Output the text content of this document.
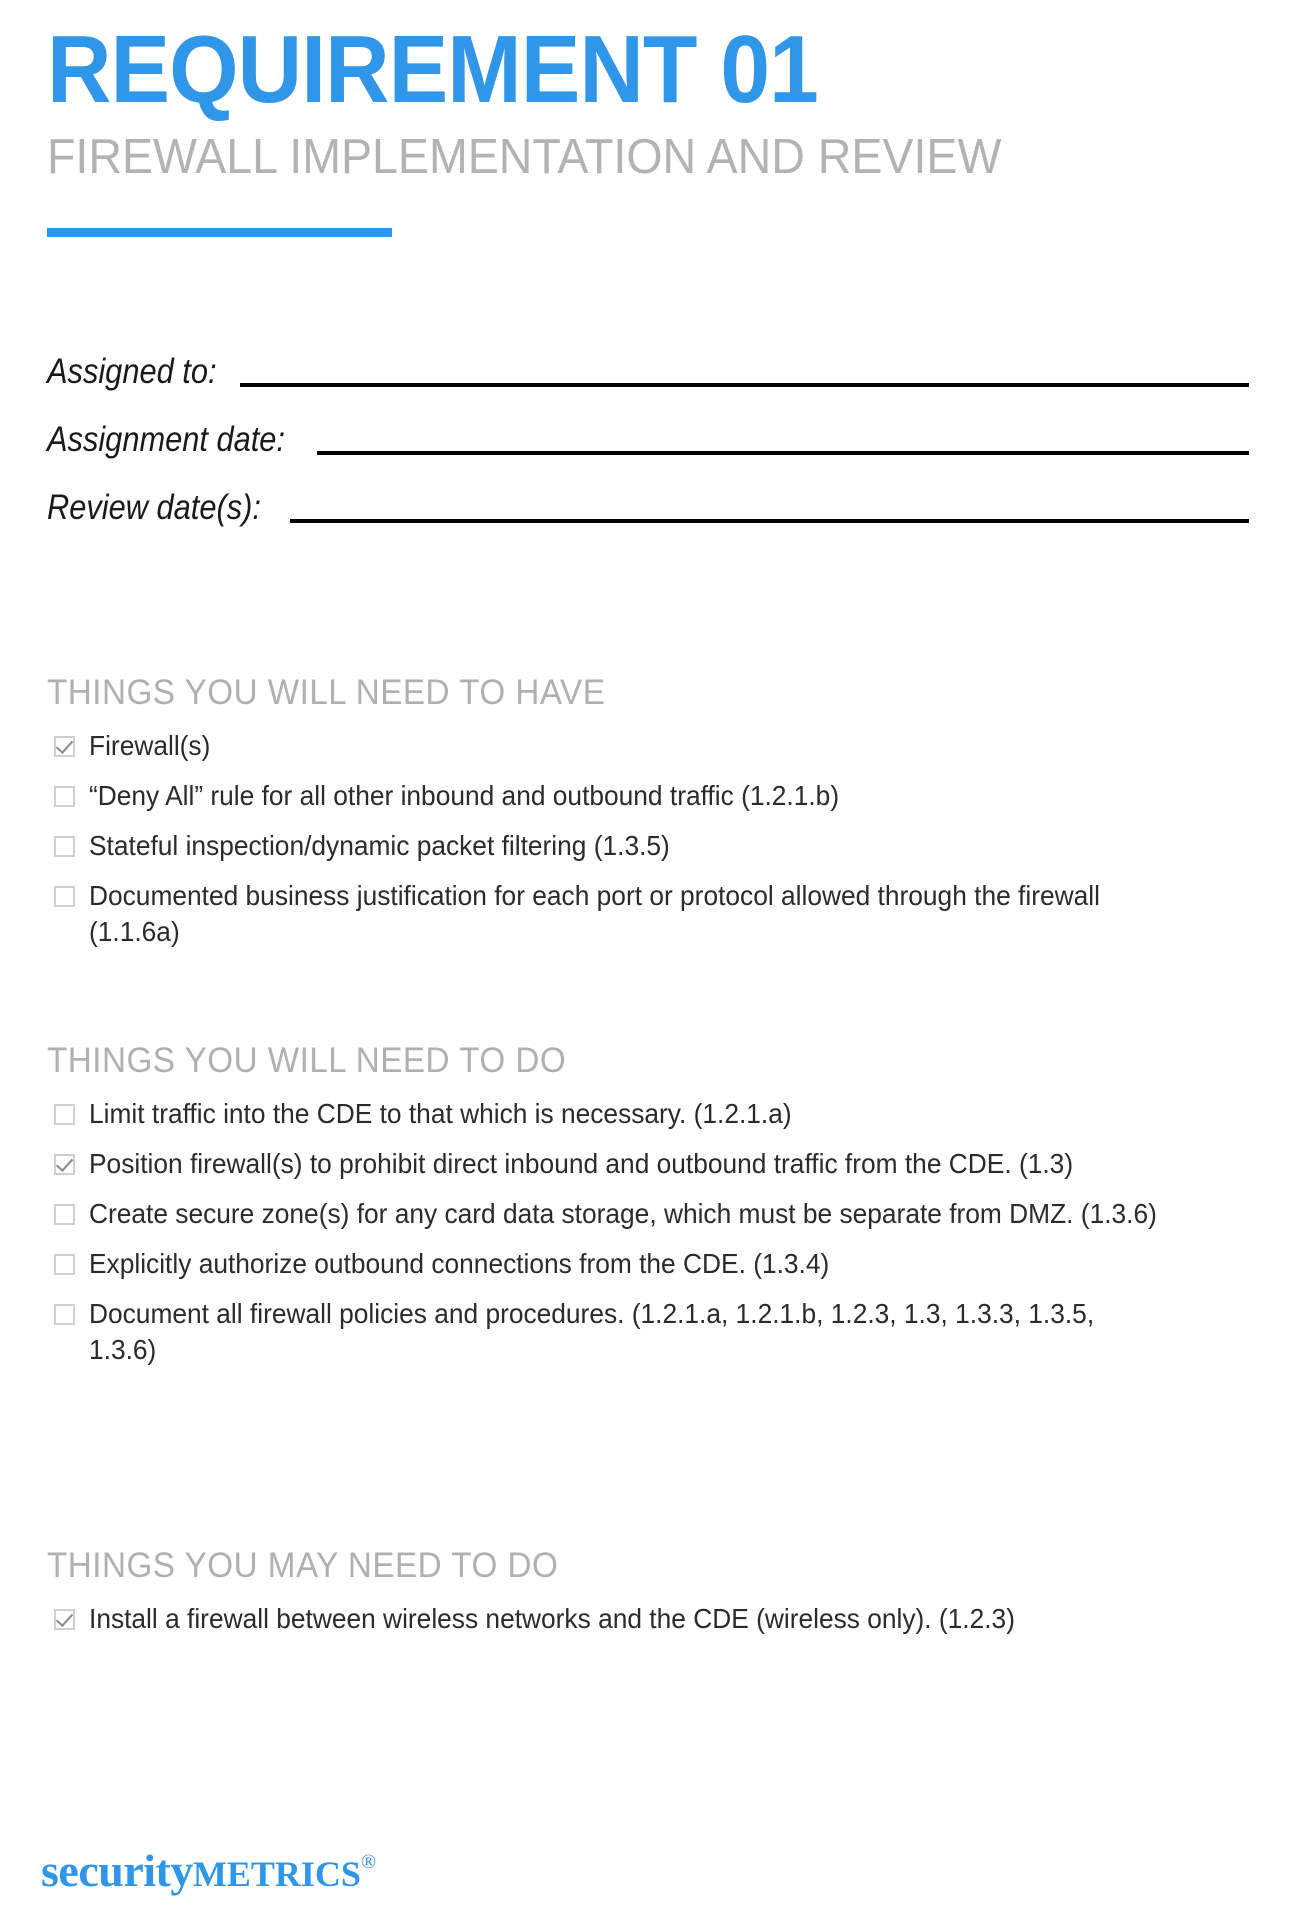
REQUIREMENT 01
FIREWALL IMPLEMENTATION AND REVIEW
Assigned to:
Assignment date:
Review date(s):
THINGS YOU WILL NEED TO HAVE
Firewall(s)
“Deny All” rule for all other inbound and outbound traffic (1.2.1.b)
Stateful inspection/dynamic packet filtering (1.3.5)
Documented business justification for each port or protocol allowed through the firewall (1.1.6a)
THINGS YOU WILL NEED TO DO
Limit traffic into the CDE to that which is necessary. (1.2.1.a)
Position firewall(s) to prohibit direct inbound and outbound traffic from the CDE. (1.3)
Create secure zone(s) for any card data storage, which must be separate from DMZ. (1.3.6)
Explicitly authorize outbound connections from the CDE. (1.3.4)
Document all firewall policies and procedures. (1.2.1.a, 1.2.1.b, 1.2.3, 1.3, 1.3.3, 1.3.5, 1.3.6)
THINGS YOU MAY NEED TO DO
Install a firewall between wireless networks and the CDE (wireless only). (1.2.3)
securityMETRICS®
